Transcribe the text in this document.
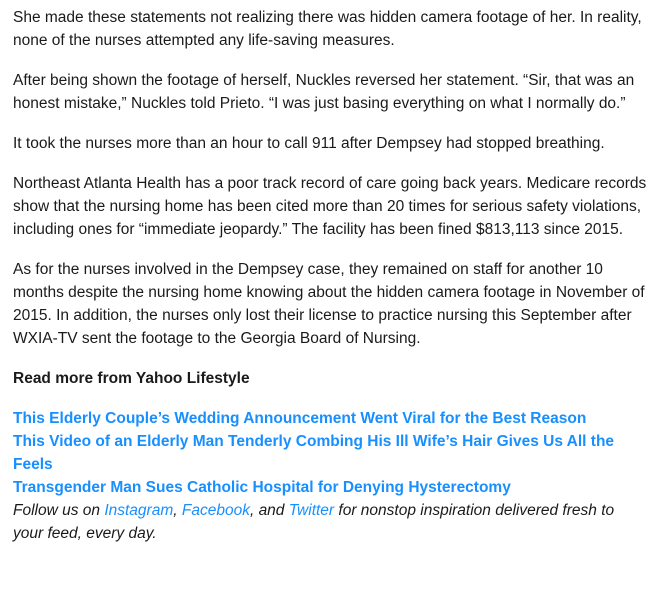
She made these statements not realizing there was hidden camera footage of her. In reality, none of the nurses attempted any life-saving measures.

After being shown the footage of herself, Nuckles reversed her statement. “Sir, that was an honest mistake,” Nuckles told Prieto. “I was just basing everything on what I normally do.”

It took the nurses more than an hour to call 911 after Dempsey had stopped breathing.

Northeast Atlanta Health has a poor track record of care going back years. Medicare records show that the nursing home has been cited more than 20 times for serious safety violations, including ones for “immediate jeopardy.” The facility has been fined $813,113 since 2015.

As for the nurses involved in the Dempsey case, they remained on staff for another 10 months despite the nursing home knowing about the hidden camera footage in November of 2015. In addition, the nurses only lost their license to practice nursing this September after WXIA-TV sent the footage to the Georgia Board of Nursing.

Read more from Yahoo Lifestyle
This Elderly Couple’s Wedding Announcement Went Viral for the Best Reason
This Video of an Elderly Man Tenderly Combing His Ill Wife’s Hair Gives Us All the Feels
Transgender Man Sues Catholic Hospital for Denying Hysterectomy

Follow us on Instagram, Facebook, and Twitter for nonstop inspiration delivered fresh to your feed, every day.
